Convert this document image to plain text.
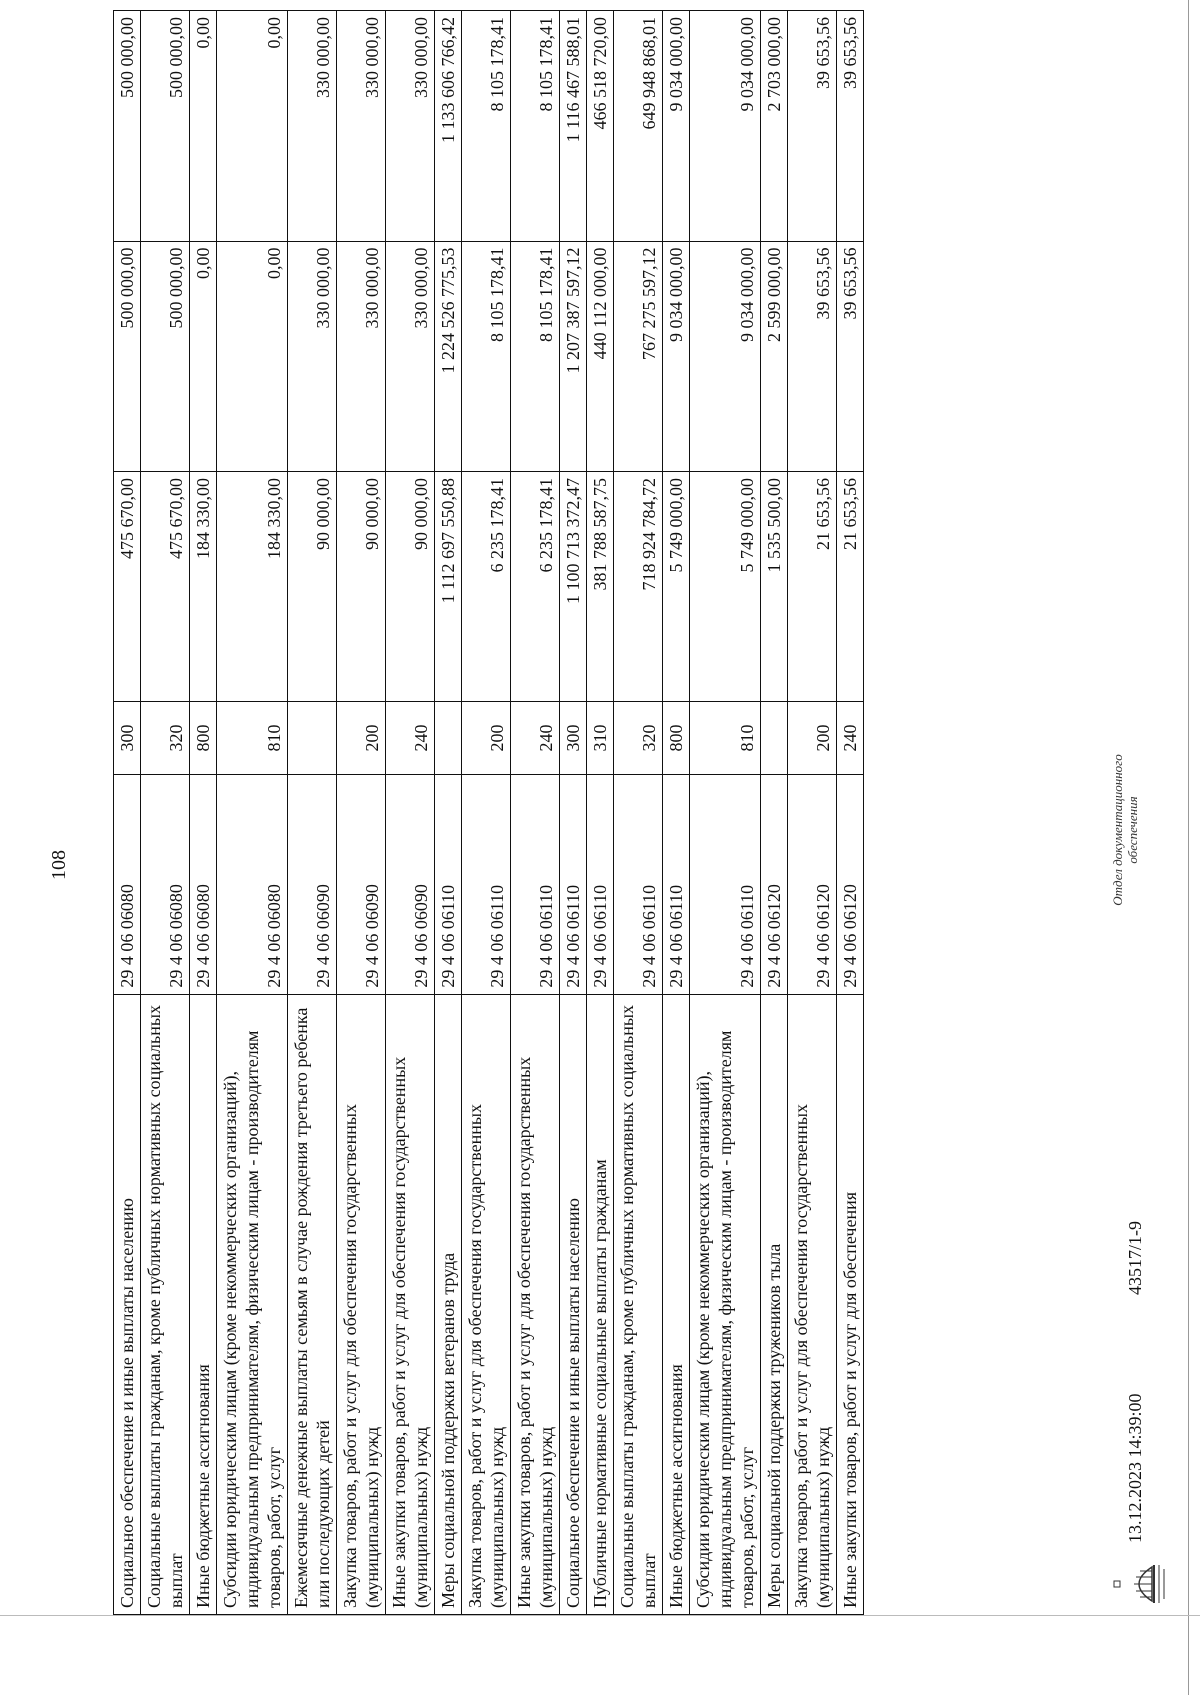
108
Социальное обеспечение и иные выплаты населению	29 4 06 06080	300	475 670,00	500 000,00	500 000,00
Социальные выплаты гражданам, кроме публичных нормативных социальных выплат	29 4 06 06080	320	475 670,00	500 000,00	500 000,00
Иные бюджетные ассигнования	29 4 06 06080	800	184 330,00	0,00	0,00
Субсидии юридическим лицам (кроме некоммерческих организаций), индивидуальным предпринимателям, физическим лицам - производителям товаров, работ, услуг	29 4 06 06080	810	184 330,00	0,00	0,00
Ежемесячные денежные выплаты семьям в случае рождения третьего ребенка или последующих детей	29 4 06 06090		90 000,00	330 000,00	330 000,00
Закупка товаров, работ и услуг для обеспечения государственных (муниципальных) нужд	29 4 06 06090	200	90 000,00	330 000,00	330 000,00
Иные закупки товаров, работ и услуг для обеспечения государственных (муниципальных) нужд	29 4 06 06090	240	90 000,00	330 000,00	330 000,00
Меры социальной поддержки ветеранов труда	29 4 06 06110		1 112 697 550,88	1 224 526 775,53	1 133 606 766,42
Закупка товаров, работ и услуг для обеспечения государственных (муниципальных) нужд	29 4 06 06110	200	6 235 178,41	8 105 178,41	8 105 178,41
Иные закупки товаров, работ и услуг для обеспечения государственных (муниципальных) нужд	29 4 06 06110	240	6 235 178,41	8 105 178,41	8 105 178,41
Социальное обеспечение и иные выплаты населению	29 4 06 06110	300	1 100 713 372,47	1 207 387 597,12	1 116 467 588,01
Публичные нормативные социальные выплаты гражданам	29 4 06 06110	310	381 788 587,75	440 112 000,00	466 518 720,00
Социальные выплаты гражданам, кроме публичных нормативных социальных выплат	29 4 06 06110	320	718 924 784,72	767 275 597,12	649 948 868,01
Иные бюджетные ассигнования	29 4 06 06110	800	5 749 000,00	9 034 000,00	9 034 000,00
Субсидии юридическим лицам (кроме некоммерческих организаций), индивидуальным предпринимателям, физическим лицам - производителям товаров, работ, услуг	29 4 06 06110	810	5 749 000,00	9 034 000,00	9 034 000,00
Меры социальной поддержки тружеников тыла	29 4 06 06120		1 535 500,00	2 599 000,00	2 703 000,00
Закупка товаров, работ и услуг для обеспечения государственных (муниципальных) нужд	29 4 06 06120	200	21 653,56	39 653,56	39 653,56
Иные закупки товаров, работ и услуг для обеспечения	29 4 06 06120	240	21 653,56	39 653,56	39 653,56
13.12.2023 14:39:00
43517/1-9
Отдел документационного обеспечения
